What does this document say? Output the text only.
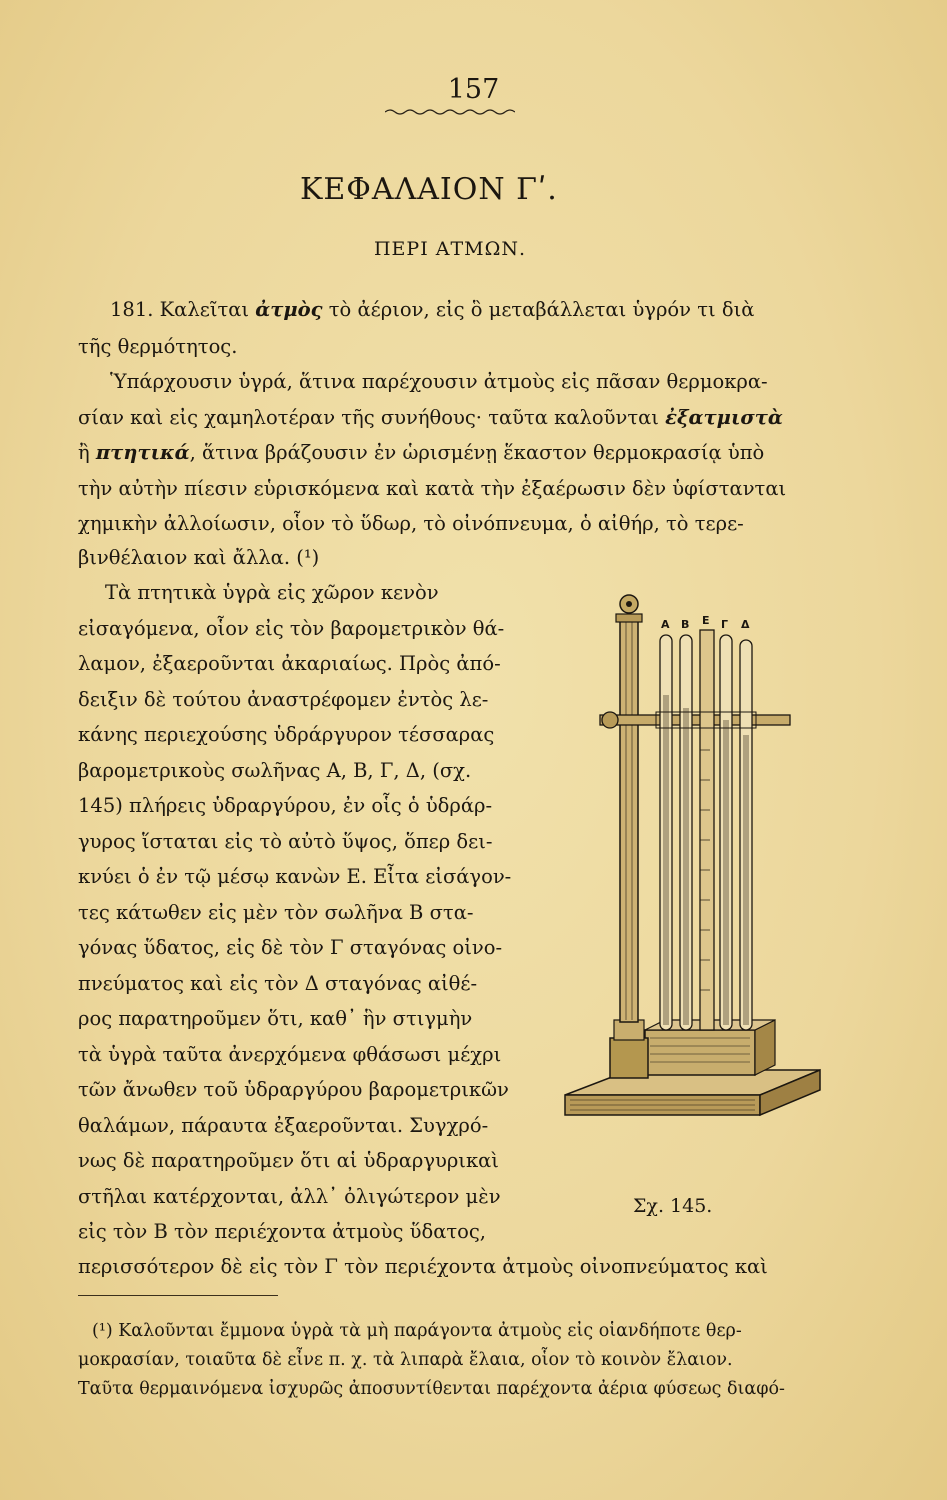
157
ΚΕΦΑΛΑΙΟΝ Γʹ.
ΠΕΡΙ ΑΤΜΩΝ.
181. Καλεῖται ἀτμὸς τὸ ἀέριον, εἰς ὃ μεταβάλλεται ὑγρόν τι διὰ
τῆς θερμότητος.
Ὑπάρχουσιν ὑγρά, ἅτινα παρέχουσιν ἀτμοὺς εἰς πᾶσαν θερμοκρα-
σίαν καὶ εἰς χαμηλοτέραν τῆς συνήθους· ταῦτα καλοῦνται ἐξατμιστὰ
ἢ πτητικά, ἅτινα βράζουσιν ἐν ὡρισμένῃ ἕκαστον θερμοκρασίᾳ ὑπὸ
τὴν αὐτὴν πίεσιν εὑρισκόμενα καὶ κατὰ τὴν ἐξαέρωσιν δὲν ὑφίστανται
χημικὴν ἀλλοίωσιν, οἷον τὸ ὕδωρ, τὸ οἰνόπνευμα, ὁ αἰθήρ, τὸ τερε-
βινθέλαιον καὶ ἄλλα. (¹)
Τὰ πτητικὰ ὑγρὰ εἰς χῶρον κενὸν
εἰσαγόμενα, οἷον εἰς τὸν βαρομετρικὸν θά-
λαμον, ἐξαεροῦνται ἀκαριαίως. Πρὸς ἀπό-
δειξιν δὲ τούτου ἀναστρέφομεν ἐντὸς λε-
κάνης περιεχούσης ὑδράργυρον τέσσαρας
βαρομετρικοὺς σωλῆνας Α, Β, Γ, Δ, (σχ.
145) πλήρεις ὑδραργύρου, ἐν οἷς ὁ ὑδράρ-
γυρος ἵσταται εἰς τὸ αὐτὸ ὕψος, ὅπερ δει-
κνύει ὁ ἐν τῷ μέσῳ κανὼν Ε. Εἶτα εἰσάγον-
τες κάτωθεν εἰς μὲν τὸν σωλῆνα Β στα-
γόνας ὕδατος, εἰς δὲ τὸν Γ σταγόνας οἰνο-
πνεύματος καὶ εἰς τὸν Δ σταγόνας αἰθέ-
ρος παρατηροῦμεν ὅτι, καθ᾽ ἣν στιγμὴν
τὰ ὑγρὰ ταῦτα ἀνερχόμενα φθάσωσι μέχρι
τῶν ἄνωθεν τοῦ ὑδραργύρου βαρομετρικῶν
θαλάμων, πάραυτα ἐξαεροῦνται. Συγχρό-
νως δὲ παρατηροῦμεν ὅτι αἱ ὑδραργυρικαὶ
στῆλαι κατέρχονται, ἀλλ᾽ ὀλιγώτερον μὲν
εἰς τὸν Β τὸν περιέχοντα ἀτμοὺς ὕδατος,
περισσότερον δὲ εἰς τὸν Γ τὸν περιέχοντα ἀτμοὺς οἰνοπνεύματος καὶ
Α Β Ε Γ Δ
Σχ. 145.
(¹) Καλοῦνται ἔμμονα ὑγρὰ τὰ μὴ παράγοντα ἀτμοὺς εἰς οἱανδήποτε θερ-
μοκρασίαν, τοιαῦτα δὲ εἶνε π. χ. τὰ λιπαρὰ ἔλαια, οἷον τὸ κοινὸν ἔλαιον.
Ταῦτα θερμαινόμενα ἰσχυρῶς ἀποσυντίθενται παρέχοντα ἀέρια φύσεως διαφό-
